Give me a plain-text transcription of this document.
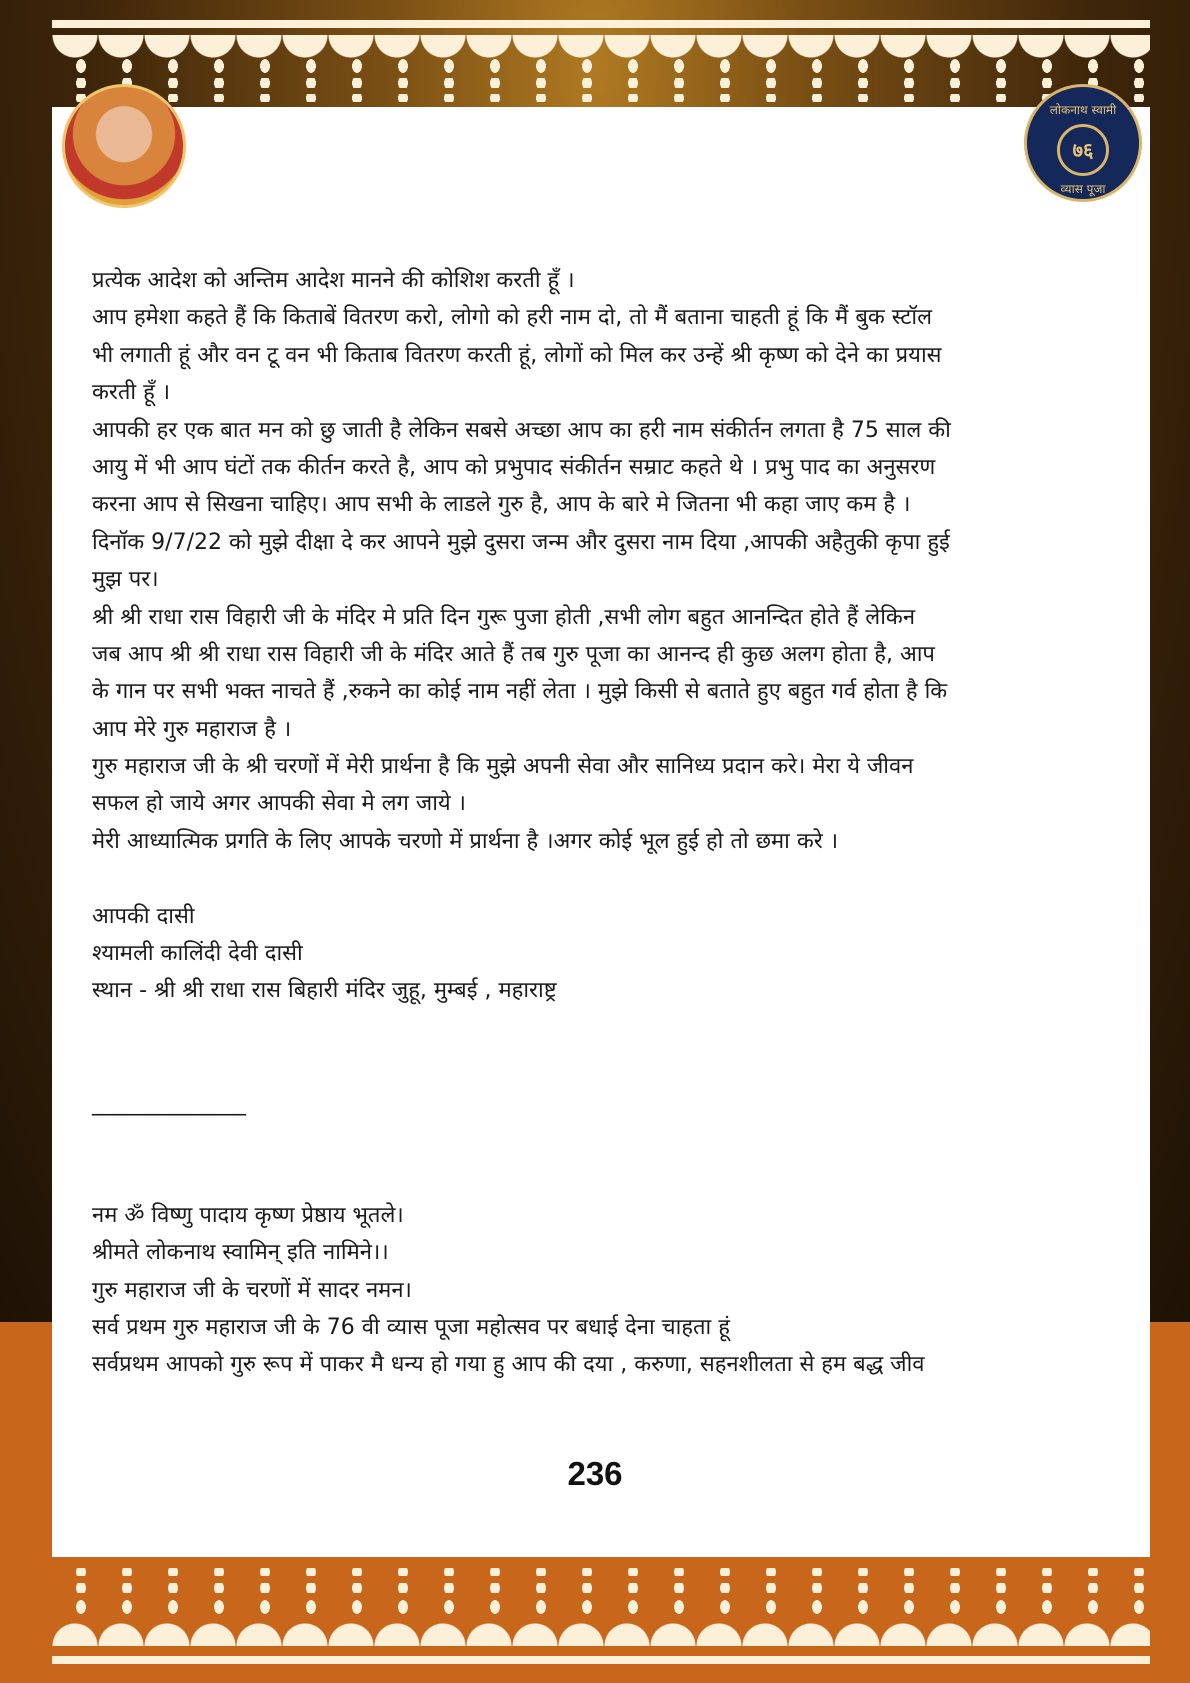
लोकनाथ स्वामी
७६
व्यास पूजा
प्रत्येक आदेश को अन्तिम आदेश मानने की कोशिश करती हूँ ।
आप हमेशा कहते हैं कि किताबें वितरण करो, लोगो को हरी नाम दो, तो मैं बताना चाहती हूं कि मैं बुक स्टॉल
भी लगाती हूं और वन टू वन भी किताब वितरण करती हूं, लोगों को मिल कर उन्हें श्री कृष्ण को देने का प्रयास
करती हूँ ।
आपकी हर एक बात मन को छु जाती है लेकिन सबसे अच्छा आप का हरी नाम संकीर्तन लगता है 75 साल की
आयु में भी आप घंटों तक कीर्तन करते है, आप को प्रभुपाद संकीर्तन सम्राट कहते थे । प्रभु पाद का अनुसरण
करना आप से सिखना चाहिए। आप सभी के लाडले गुरु है, आप के बारे मे जितना भी कहा जाए कम है ।
दिनॉक 9/7/22 को मुझे दीक्षा दे कर आपने मुझे दुसरा जन्म और दुसरा नाम दिया ,आपकी अहैतुकी कृपा हुई
मुझ पर।
श्री श्री राधा रास विहारी जी के मंदिर मे प्रति दिन गुरू पुजा होती ,सभी लोग बहुत आनन्दित होते हैं लेकिन
जब आप श्री श्री राधा रास विहारी जी के मंदिर आते हैं तब गुरु पूजा का आनन्द ही कुछ अलग होता है, आप
के गान पर सभी भक्त नाचते हैं ,रुकने का कोई नाम नहीं लेता । मुझे किसी से बताते हुए बहुत गर्व होता है कि
आप मेरे गुरु महाराज है ।
गुरु महाराज जी के श्री चरणों में मेरी प्रार्थना है कि मुझे अपनी सेवा और सानिध्य प्रदान करे। मेरा ये जीवन
सफल हो जाये अगर आपकी सेवा मे लग जाये ।
मेरी आध्यात्मिक प्रगति के लिए आपके चरणो में प्रार्थना है ।अगर कोई भूल हुई हो तो छमा करे ।
आपकी दासी
श्यामली कालिंदी देवी दासी
स्थान - श्री श्री राधा रास बिहारी मंदिर जुहू, मुम्बई , महाराष्ट्र
______________
नम ॐ विष्णु पादाय कृष्ण प्रेष्ठाय भूतले।
श्रीमते लोकनाथ स्वामिन् इति नामिने।।
गुरु महाराज जी के चरणों में सादर नमन।
सर्व प्रथम गुरु महाराज जी के 76 वी व्यास पूजा महोत्सव पर बधाई देना चाहता हूं
सर्वप्रथम आपको गुरु रूप में पाकर मै धन्य हो गया हु आप की दया , करुणा, सहनशीलता से हम बद्ध जीव
236
